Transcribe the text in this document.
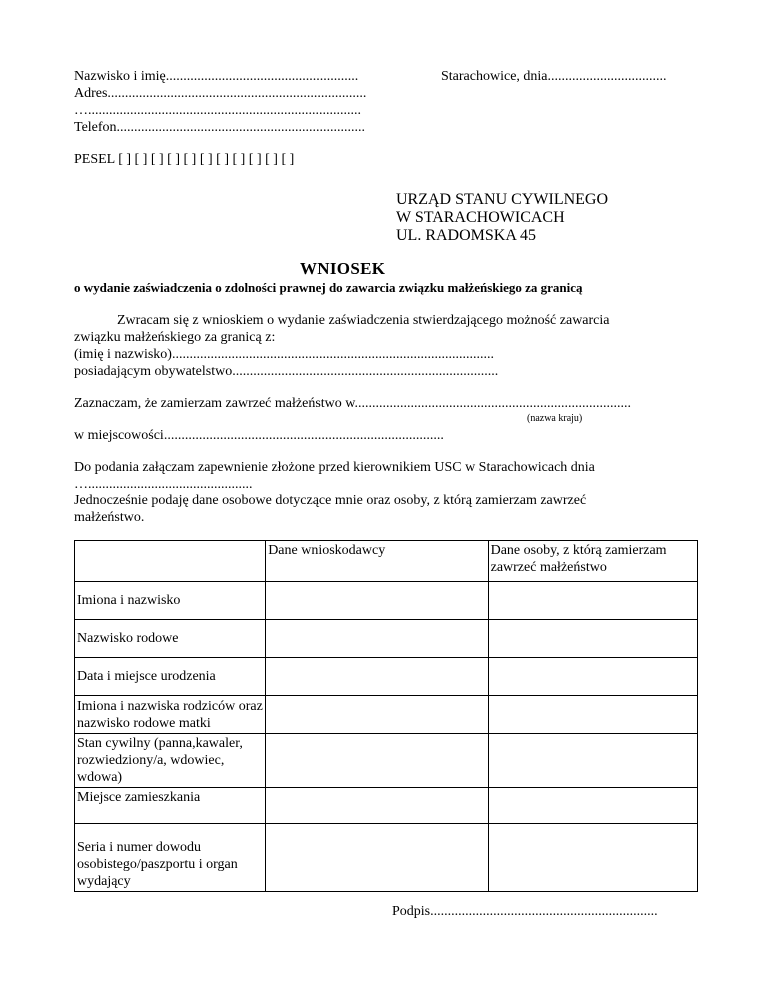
Nazwisko i imię.......................................................
Adres..........................................................................
…..............................................................................
Telefon.......................................................................
Starachowice, dnia..................................
PESEL [ ] [ ] [ ] [ ] [ ] [ ] [ ] [ ] [ ] [ ] [ ]
URZĄD STANU CYWILNEGO
W STARACHOWICACH
UL. RADOMSKA 45
WNIOSEK
o wydanie zaświadczenia o zdolności prawnej do zawarcia związku małżeńskiego za granicą
Zwracam się z wnioskiem o wydanie zaświadczenia stwierdzającego możność zawarcia
związku małżeńskiego za granicą z:
(imię i nazwisko)............................................................................................
posiadającym obywatelstwo............................................................................
Zaznaczam, że zamierzam zawrzeć małżeństwo w...............................................................................
(nazwa kraju)
w miejscowości................................................................................
Do podania załączam zapewnienie złożone przed kierownikiem USC w Starachowicach dnia
…...............................................
Jednocześnie podaję dane osobowe dotyczące mnie oraz osoby, z którą zamierzam zawrzeć
małżeństwo.
	Dane wnioskodawcy	Dane osoby, z którą zamierzam zawrzeć małżeństwo
Imiona i nazwisko		
Nazwisko rodowe		
Data i miejsce urodzenia		
Imiona i nazwiska rodziców oraz nazwisko rodowe matki		
Stan cywilny (panna,kawaler, rozwiedziony/a, wdowiec, wdowa)		
Miejsce zamieszkania		
Seria i numer dowodu osobistego/paszportu i organ wydający		
Podpis.................................................................
